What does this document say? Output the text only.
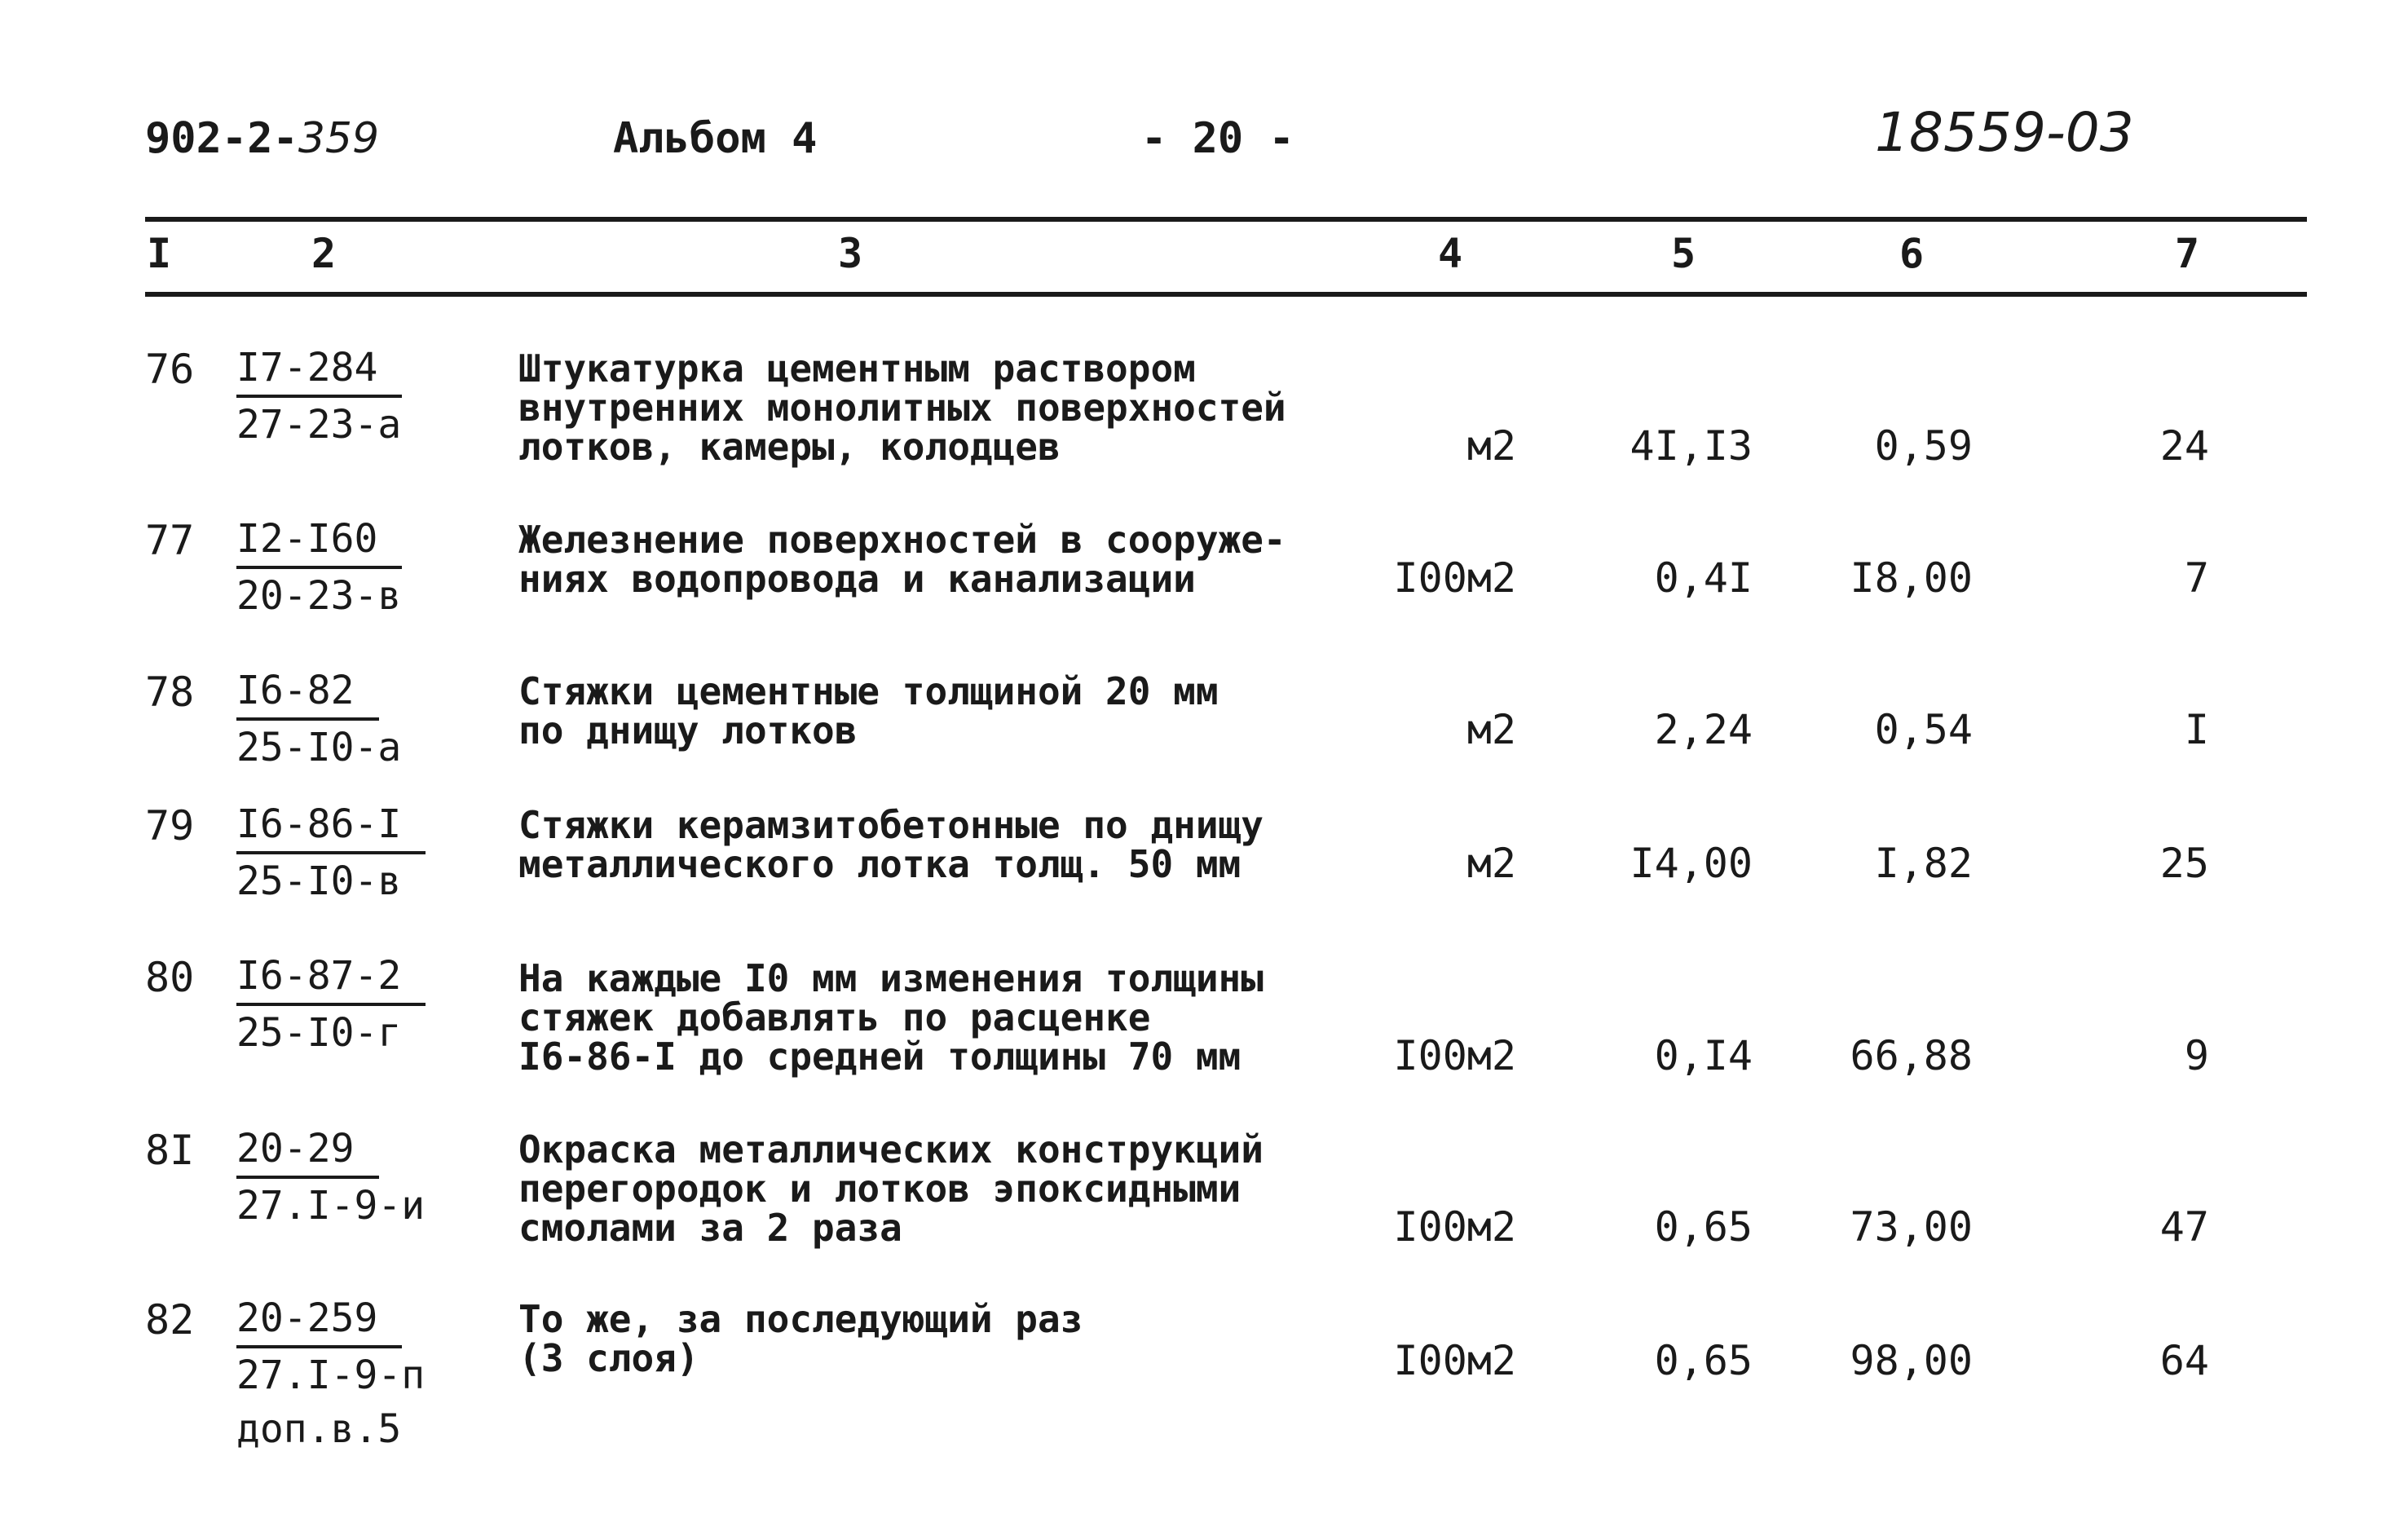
902-2-359	Альбом 4	- 20 -	18559-03
I	2	3	4	5	6	7
76 I7-284
27-23-а
Штукатурка цементным раствором
внутренних монолитных поверхностей
лотков, камеры, колодцев	м2	4I,I3	0,59	24
77 I2-I60
20-23-в
Железнение поверхностей в сооруже-
ниях водопровода и канализации	I00м2	0,4I	I8,00	7
78 I6-82
25-I0-а
Стяжки цементные толщиной 20 мм
по днищу лотков	м2	2,24	0,54	I
79 I6-86-I
25-I0-в
Стяжки керамзитобетонные по днищу
металлического лотка толщ. 50 мм	м2	I4,00	I,82	25
80 I6-87-2
25-I0-г
На каждые I0 мм изменения толщины
стяжек добавлять по расценке
I6-86-I до средней толщины 70 мм	I00м2	0,I4	66,88	9
8I 20-29
27.I-9-и
Окраска металлических конструкций
перегородок и лотков эпоксидными
смолами за 2 раза	I00м2	0,65	73,00	47
82 20-259
27.I-9-п
доп.в.5
То же, за последующий раз
(3 слоя)	I00м2	0,65	98,00	64
